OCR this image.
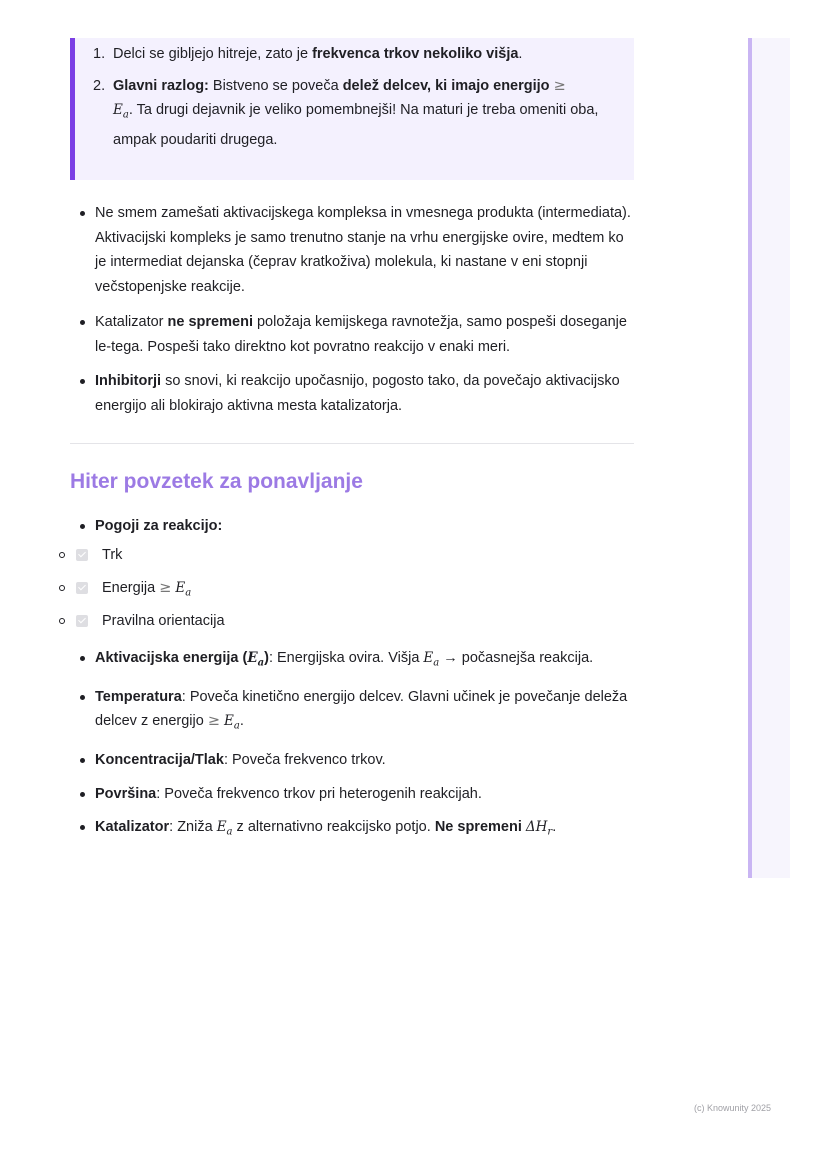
1. Delci se gibljejo hitreje, zato je frekvenca trkov nekoliko višja.
2. Glavni razlog: Bistveno se poveča delež delcev, ki imajo energijo ≥
$E_a$. Ta drugi dejavnik je veliko pomembnejši! Na maturi je treba omeniti oba, ampak poudariti drugega.
Ne smem zamešati aktivacijskega kompleksa in vmesnega produkta (intermediata). Aktivacijski kompleks je samo trenutno stanje na vrhu energijske ovire, medtem ko je intermediat dejanska (čeprav kratkoživa) molekula, ki nastane v eni stopnji večstopenjske reakcije.
Katalizator ne spremeni položaja kemijskega ravnotežja, samo pospeši doseganje le-tega. Pospeši tako direktno kot povratno reakcijo v enaki meri.
Inhibitorji so snovi, ki reakcijo upočasnijo, pogosto tako, da povečajo aktivacijsko energijo ali blokirajo aktivna mesta katalizatorja.
Hiter povzetek za ponavljanje
Pogoji za reakcijo:
Trk
Energija ≥ $E_a$
Pravilna orientacija
Aktivacijska energija $(E_a)$: Energijska ovira. Višja $E_a$ → počasnejša reakcija.
Temperatura: Poveča kinetično energijo delcev. Glavni učinek je povečanje deleža delcev z energijo ≥ $E_a$.
Koncentracija/Tlak: Poveča frekvenco trkov.
Površina: Poveča frekvenco trkov pri heterogenih reakcijah.
Katalizator: Zniža $E_a$ z alternativno reakcijsko potjo. Ne spremeni $\Delta H_r$.
(c) Knowunity 2025
